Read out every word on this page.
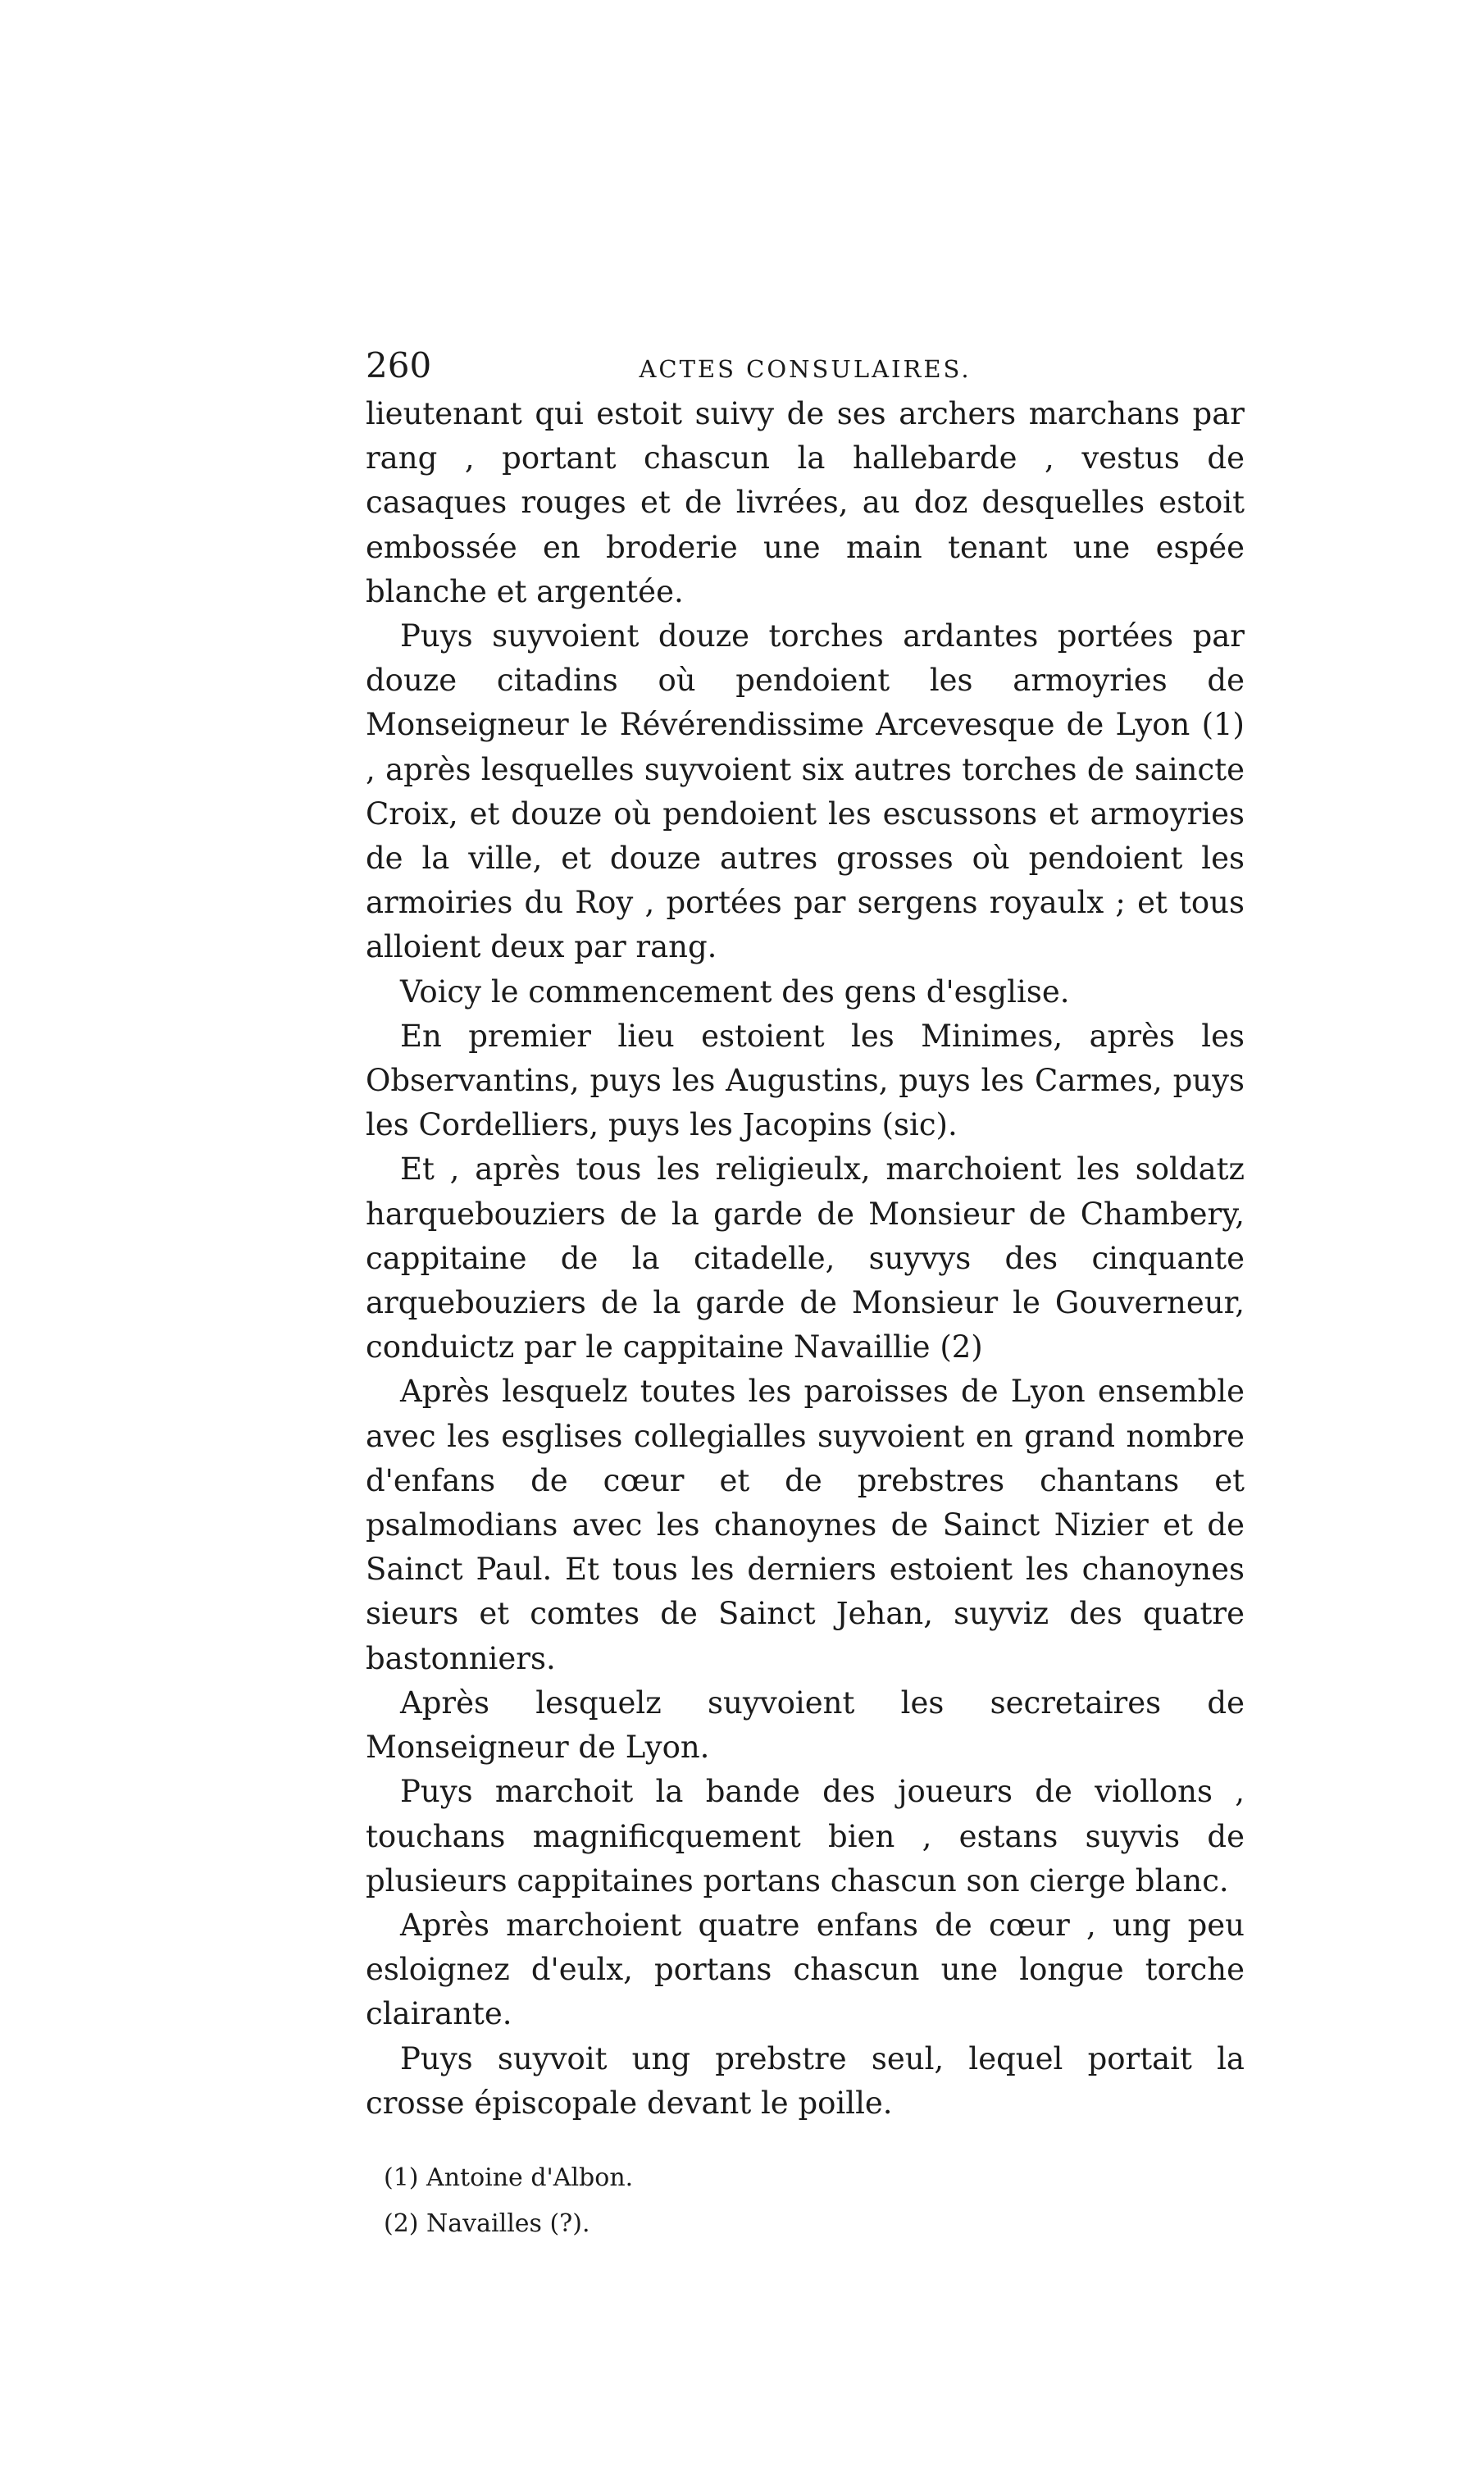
260	ACTES CONSULAIRES.

lieutenant qui estoit suivy de ses archers marchans par rang , portant chascun la hallebarde , vestus de casaques rouges et de livrées, au doz desquelles estoit embossée en broderie une main tenant une espée blanche et argentée.

Puys suyvoient douze torches ardantes portées par douze citadins où pendoient les armoyries de Monseigneur le Révérendissime Arcevesque de Lyon (1) , après lesquelles suyvoient six autres torches de saincte Croix, et douze où pendoient les escussons et armoyries de la ville, et douze autres grosses où pendoient les armoiries du Roy , portées par sergens royaulx ; et tous alloient deux par rang.

Voicy le commencement des gens d'esglise.

En premier lieu estoient les Minimes, après les Observantins, puys les Augustins, puys les Carmes, puys les Cordelliers, puys les Jacopins (sic).

Et , après tous les religieulx, marchoient les soldatz harquebouziers de la garde de Monsieur de Chambery, cappitaine de la citadelle, suyvys des cinquante arquebouziers de la garde de Monsieur le Gouverneur, conduictz par le cappitaine Navaillie (2)

Après lesquelz toutes les paroisses de Lyon ensemble avec les esglises collegialles suyvoient en grand nombre d'enfans de cœur et de prebstres chantans et psalmodians avec les chanoynes de Sainct Nizier et de Sainct Paul. Et tous les derniers estoient les chanoynes sieurs et comtes de Sainct Jehan, suyviz des quatre bastonniers.

Après lesquelz suyvoient les secretaires de Monseigneur de Lyon.

Puys marchoit la bande des joueurs de viollons , touchans magnificquement bien , estans suyvis de plusieurs cappitaines portans chascun son cierge blanc.

Après marchoient quatre enfans de cœur , ung peu esloignez d'eulx, portans chascun une longue torche clairante.

Puys suyvoit ung prebstre seul, lequel portait la crosse épiscopale devant le poille.

(1) Antoine d'Albon.

(2) Navailles (?).
